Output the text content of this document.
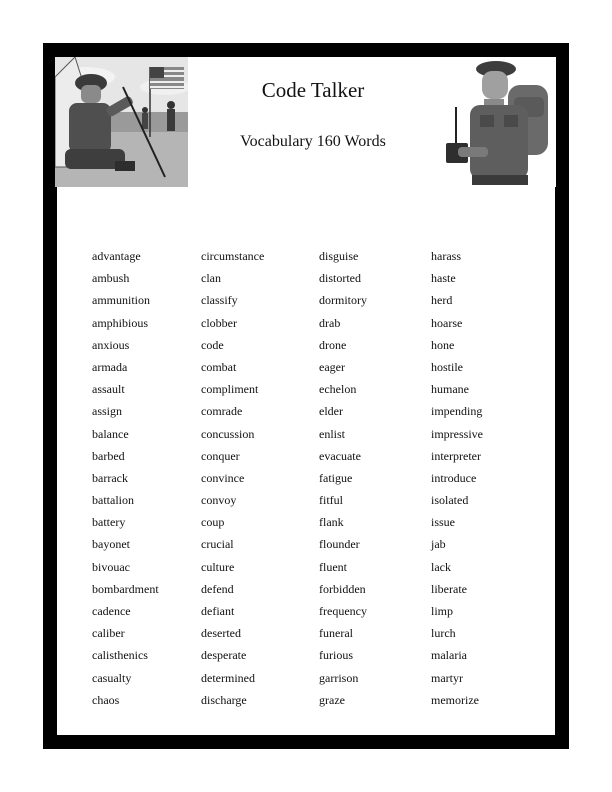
Code Talker
Vocabulary 160 Words
advantage
ambush
ammunition
amphibious
anxious
armada
assault
assign
balance
barbed
barrack
battalion
battery
bayonet
bivouac
bombardment
cadence
caliber
calisthenics
casualty
chaos
circumstance
clan
classify
clobber
code
combat
compliment
comrade
concussion
conquer
convince
convoy
coup
crucial
culture
defend
defiant
deserted
desperate
determined
discharge
disguise
distorted
dormitory
drab
drone
eager
echelon
elder
enlist
evacuate
fatigue
fitful
flank
flounder
fluent
forbidden
frequency
funeral
furious
garrison
graze
harass
haste
herd
hoarse
hone
hostile
humane
impending
impressive
interpreter
introduce
isolated
issue
jab
lack
liberate
limp
lurch
malaria
martyr
memorize
